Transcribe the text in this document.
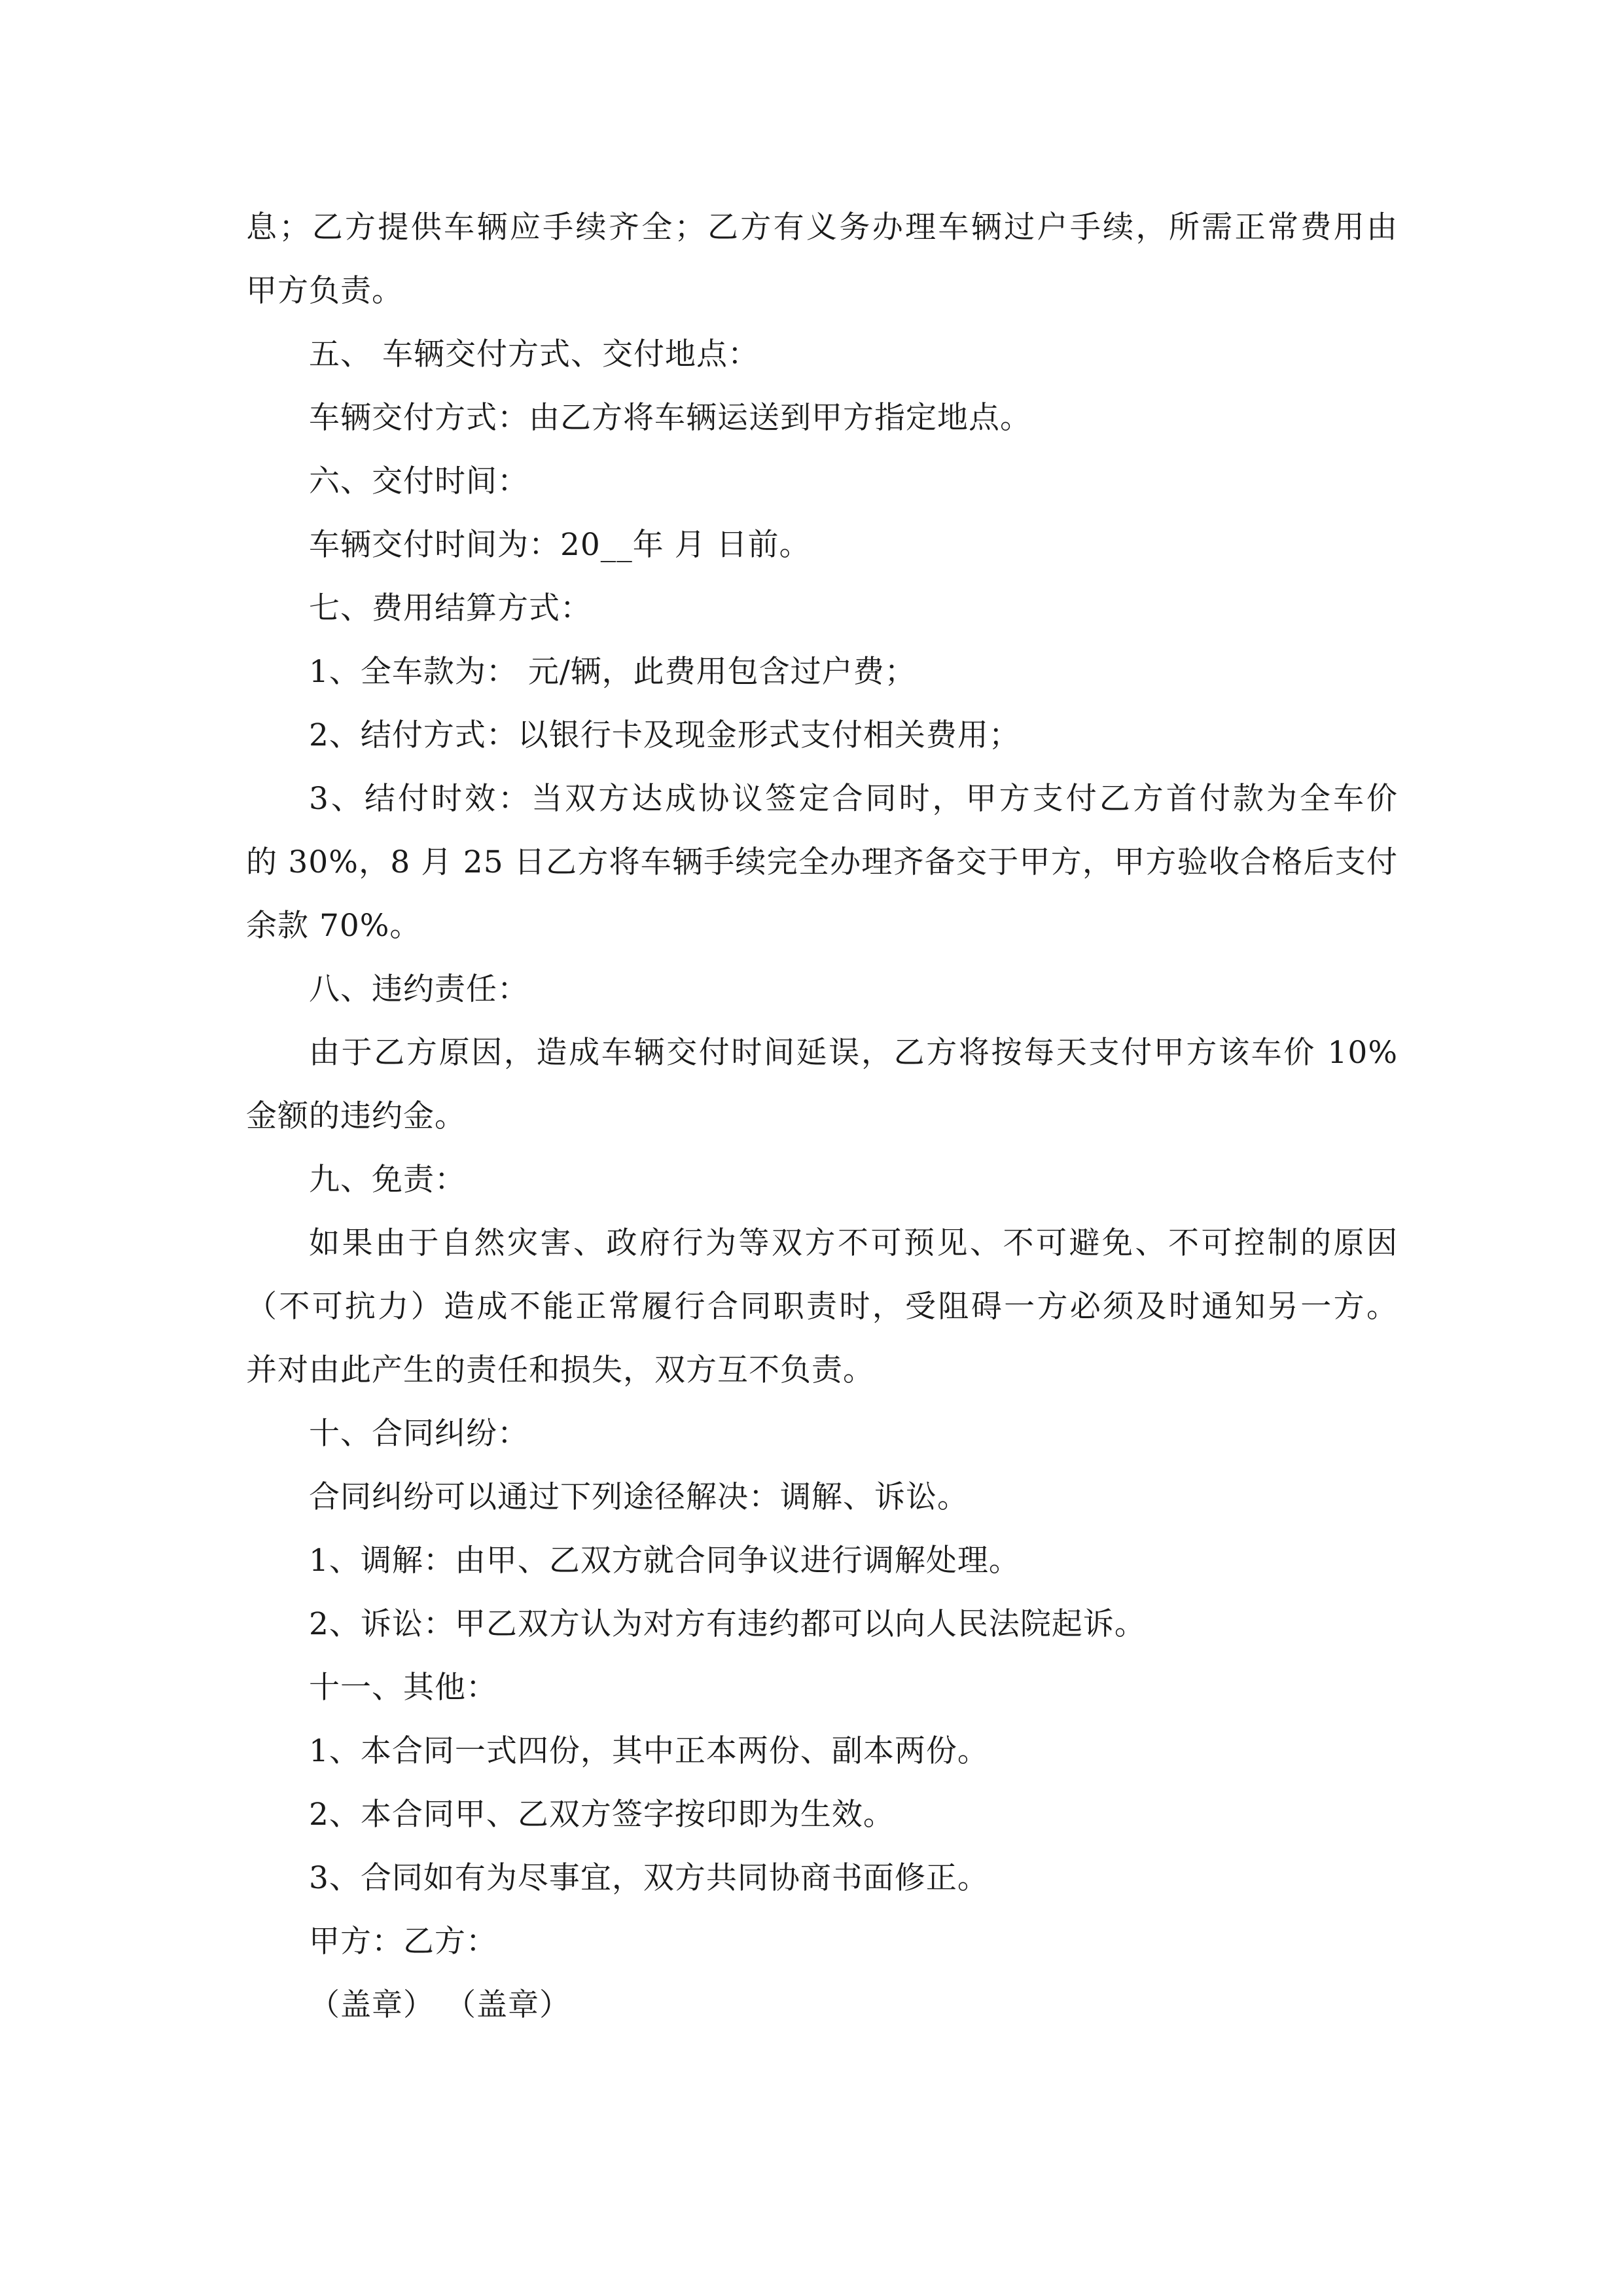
息；乙方提供车辆应手续齐全；乙方有义务办理车辆过户手续，所需正常费用由
甲方负责。
五、 车辆交付方式、交付地点：
车辆交付方式：由乙方将车辆运送到甲方指定地点。
六、交付时间：
车辆交付时间为：20__年 月 日前。
七、费用结算方式：
1、全车款为： 元/辆，此费用包含过户费；
2、结付方式：以银行卡及现金形式支付相关费用；
3、结付时效：当双方达成协议签定合同时，甲方支付乙方首付款为全车价
的 30%，8 月 25 日乙方将车辆手续完全办理齐备交于甲方，甲方验收合格后支付
余款 70%。
八、违约责任：
由于乙方原因，造成车辆交付时间延误，乙方将按每天支付甲方该车价 10%
金额的违约金。
九、免责：
如果由于自然灾害、政府行为等双方不可预见、不可避免、不可控制的原因
（不可抗力）造成不能正常履行合同职责时，受阻碍一方必须及时通知另一方。
并对由此产生的责任和损失，双方互不负责。
十、合同纠纷：
合同纠纷可以通过下列途径解决：调解、诉讼。
1、调解：由甲、乙双方就合同争议进行调解处理。
2、诉讼：甲乙双方认为对方有违约都可以向人民法院起诉。
十一、其他：
1、本合同一式四份，其中正本两份、副本两份。
2、本合同甲、乙双方签字按印即为生效。
3、合同如有为尽事宜，双方共同协商书面修正。
甲方：乙方：
（盖章） （盖章）
